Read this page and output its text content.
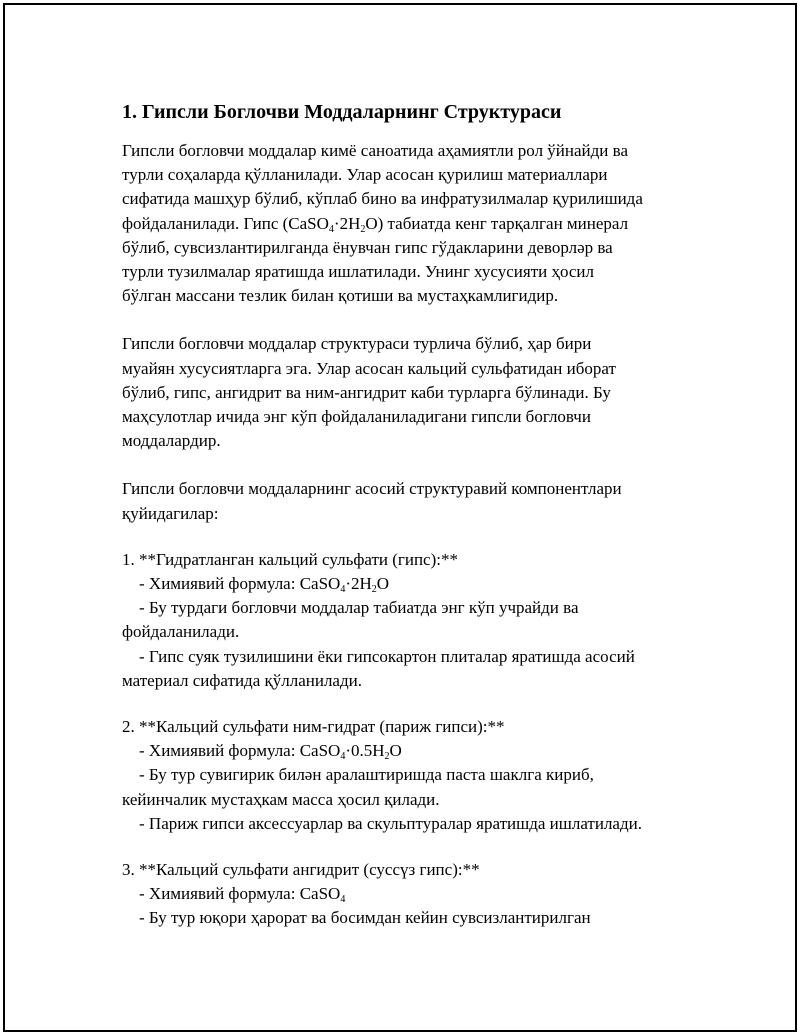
1. Гипсли Боглочви Моддаларнинг Структураси
Гипсли богловчи моддалар кимё саноатида аҳамиятли рол ўйнайди ва
турли соҳаларда қўлланилади. Улар асосан қурилиш материаллари
сифатида машҳур бўлиб, кўплаб бино ва инфратузилмалар қурилишида
фойдаланилади. Гипс $(CaSO_4\cdot 2H_2O)$ табиатда кенг тарқалган минерал
бўлиб, сувсизлантирилганда ёнувчан гипс гўдакларини деворләр ва
турли тузилмалар яратишда ишлатилади. Унинг хусусияти ҳосил
бўлган массани тезлик билан қотиши ва мустаҳкамлигидир.
Гипсли богловчи моддалар структураси турлича бўлиб, ҳар бири
муайян хусусиятларга эга. Улар асосан кальций сульфатидан иборат
бўлиб, гипс, ангидрит ва ним-ангидрит каби турларга бўлинади. Бу
маҳсулотлар ичида энг кўп фойдаланиладигани гипсли богловчи
моддалардир.
Гипсли богловчи моддаларнинг асосий структуравий компонентлари
қуйидагилар:
1. **Гидратланган кальций сульфати (гипс):**
- Химиявий формула: $CaSO_4\cdot 2H_2O$
- Бу турдаги богловчи моддалар табиатда энг кўп учрайди ва
фойдаланилади.
- Гипс суяк тузилишини ёки гипсокартон плиталар яратишда асосий
материал сифатида қўлланилади.
2. **Кальций сульфати ним-гидрат (париж гипси):**
- Химиявий формула: $CaSO_4\cdot 0.5H_2O$
- Бу тур сувигирик билән аралаштиришда паста шаклга кириб,
кейинчалик мустаҳкам масса ҳосил қилади.
- Париж гипси аксессуарлар ва скульптуралар яратишда ишлатилади.
3. **Кальций сульфати ангидрит (суссүз гипс):**
- Химиявий формула: CaSO$_4$
- Бу тур юқори ҳарорат ва босимдан кейин сувсизлантирилган
